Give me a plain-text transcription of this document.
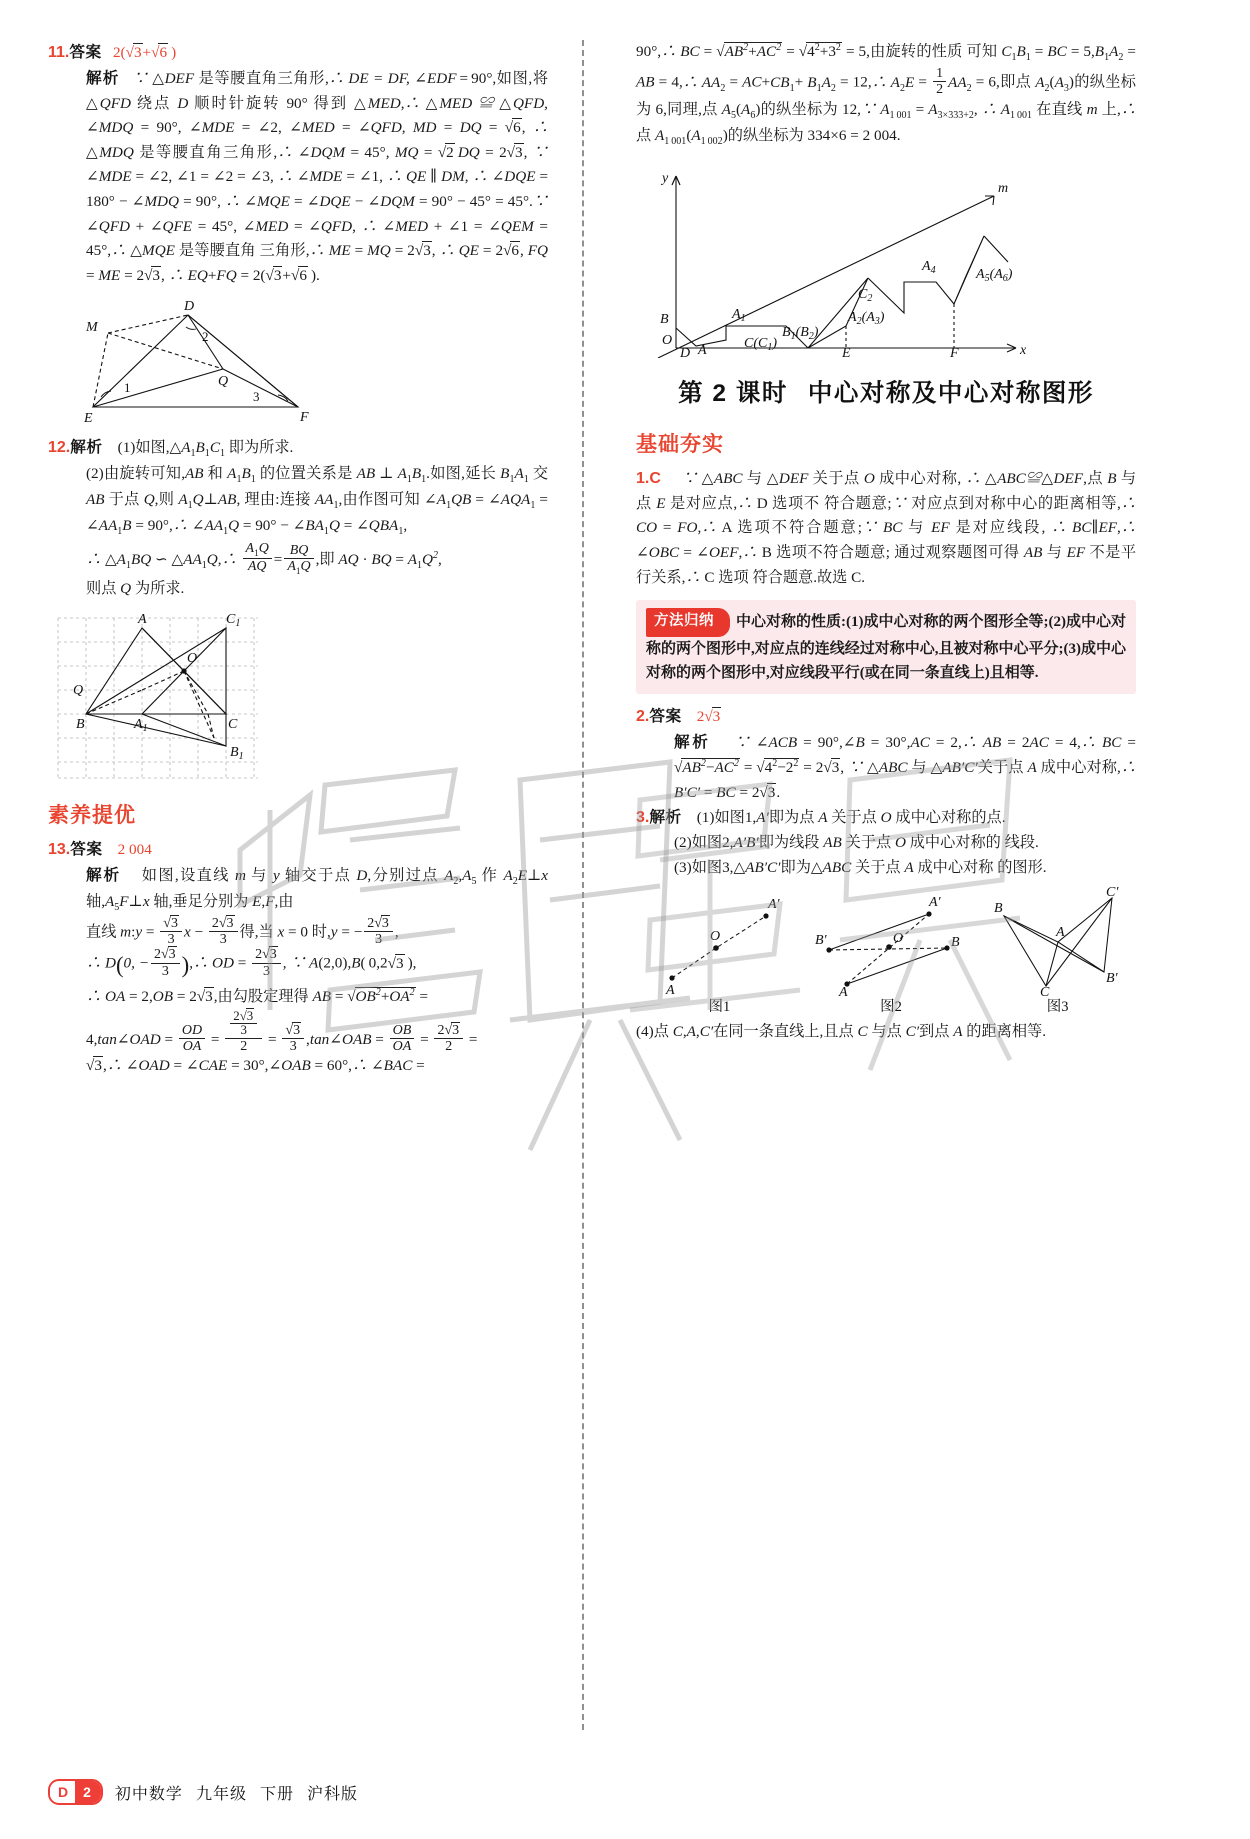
11.答案 2(√3+√6 )
解析 ∵ △DEF 是等腰直角三角形,∴ DE = DF, ∠EDF = 90°,如图,将△QFD 绕点 D 顺时针旋转 90° 得到 △MED,∴ △MED ≌ △QFD, ∠MDQ = 90°, ∠MDE = ∠2, ∠MED = ∠QFD, MD = DQ = √6, ∴ △MDQ 是等腰直角三角形,∴ ∠DQM = 45°, MQ = √2  DQ = 2√3, ∵ ∠MDE = ∠2, ∠1 = ∠2 = ∠3, ∴ ∠MDE = ∠1, ∴ QE ∥ DM, ∴ ∠DQE = 180° − ∠MDQ = 90°, ∴ ∠MQE = ∠DQE − ∠DQM = 90° − 45° = 45°.∵ ∠QFD + ∠QFE = 45°, ∠MED = ∠QFD, ∴ ∠MED + ∠1 = ∠QEM = 45°,∴ △MQE 是等腰直角 三角形,∴ ME = MQ = 2√3, ∴ QE = 2√6, FQ = ME = 2√3, ∴ EQ+FQ = 2(√3+√6 ).
D
M
2
Q
1
3
E	F
12.解析    (1)如图$,\triangle A_1B_1C_1$ 即为所求.
(2)由旋转可知,AB 和 $A_1B_1$ 的位置关系是 AB ⊥ $A_1B_1$.如图,延长 $B_1A_1$ 交 AB 于点 Q,则 $A_1Q\perp AB$, 理由:连接 $AA_1$,由作图可知 $\angle A_1QB$ = $\angle AQA_1$ = $\angle AA_1B$ = 90°,∴ $\angle AA_1Q = 90^\circ$ − $\angle BA_1Q$ = $\angle QBA_1$,
∴ $\triangle A_1BQ$ ∽ $\triangle AA_1Q,\therefore \frac{A_1Q}{AQ} = \frac{BQ}{A_1Q}$ ,即 AQ · BQ = $A_1Q^2$,
则点 Q 为所求.
A	$C_1$
O
Q
B	$A_1$	C
$B_1$
素养提优
13.答案 2 004
解析    如图,设直线 m 与 y 轴交于点 D,分别过点 $A_2,A_5$ 作 $A_2E\perp x$ 轴$,A_5F\perp x$ 轴,垂足分别为 E,F,由
直线 m:y = $\frac{√3}{3}$ $x - \frac{2√3}{3}$ 得,当 x = 0 时,y = − $\frac{2√3}{3}$ ,
∴ D(0, − $\frac{2√3}{3}$ ),∴ OD = $\frac{2√3}{3}$ , ∵ A(2,0),B( 0,2√3 ),
∴ OA = 2,OB = 2√3,由勾股定理得 AB = $√OB^2+OA^2$ =
4,tan∠OAD = $\frac{OD}{OA} = \frac{\frac{2√3}{3}}{2} = \frac{√3}{3}$ ,tan∠OAB = $\frac{OB}{OA} = \frac{2√3}{2}$ =
√3,∴ ∠OAD = ∠CAE = 30°,∠OAB = 60°,∴ ∠BAC =
90°,∴ BC = $√AB^2+AC^2 = √4^2+3^2 = 5$,由旋转的性质 可知 $C_1B_1$ = BC = $5,B_1A_2$ = AB = 4,∴ $AA_2 = AC+CB_1+ B_1A_2$ = 12,∴ $A_2E = \frac{1}{2} AA_2 = 6$,即点 $A_2(A_3)$的纵坐标为 6,同理,点 $A_5(A_6)$的纵坐标为 12,∵ $A_{1 001} = A_{3\times 333+2}$, ∴ $A_{1 001}$ 在直线 m 上,∴ 点 $A_{1 001}(A_{1 002})$的纵坐标为 334×6 = 2 004.
y
m
$A_4$	$A_5(A_6)$
$C_2$
$A_1$	$A_2(A_3)$
B
O	$C(C_1)$
$B_1(B_2)$
D A	E	F	x
第 2 课时 中心对称及中心对称图形
基础夯实
1.C ∵ △ABC 与 △DEF 关于点 O 成中心对称, ∴ △ABC≌△DEF,点 B 与点 E 是对应点,∴ D 选项不 符合题意;∵ 对应点到对称中心的距离相等,∴ CO = FO,∴ A 选项不符合题意;∵ BC 与 EF 是对应线段, ∴ BC∥EF,∴ ∠OBC = ∠OEF,∴ B 选项不符合题意; 通过观察题图可得 AB 与 EF 不是平行关系,∴ C 选项 符合题意.故选 C.
方法归纳 中心对称的性质:(1)成中心对称的两个图形全等;(2)成中心对称的两个图形中,对应点的连线经过对称中心,且被对称中心平分;(3)成中心对称的两个图形中,对应线段平行(或在同一条直线上)且相等.
2.答案 2√3
解析 ∵ ∠ACB = 90°,∠B = 30°,AC = 2,∴ AB = 2AC = 4,∴ BC = $√AB^2-AC^2 = √4^2-2^2 = 2√3$, ∵ △ABC 与 △AB′C′关于点 A 成中心对称,∴ B′C′ = BC = 2√3.
3.解析    (1)如图1,A′即为点 A 关于点 O 成中心对称的点.
(2)如图2,A′B′即为线段 AB 关于点 O 成中心对称的 线段.
(3)如图3,△AB′C′即为△ABC 关于点 A 成中心对称 的图形.
A′
O
A
图1
A′
B′	O	B
A
图2
C′
B
A
B′
C
图3
(4)点 C,A,C′在同一条直线上,且点 C 与点 C′到点 A 的距离相等.
D	2	初中数学 九年级 下册 沪科版
